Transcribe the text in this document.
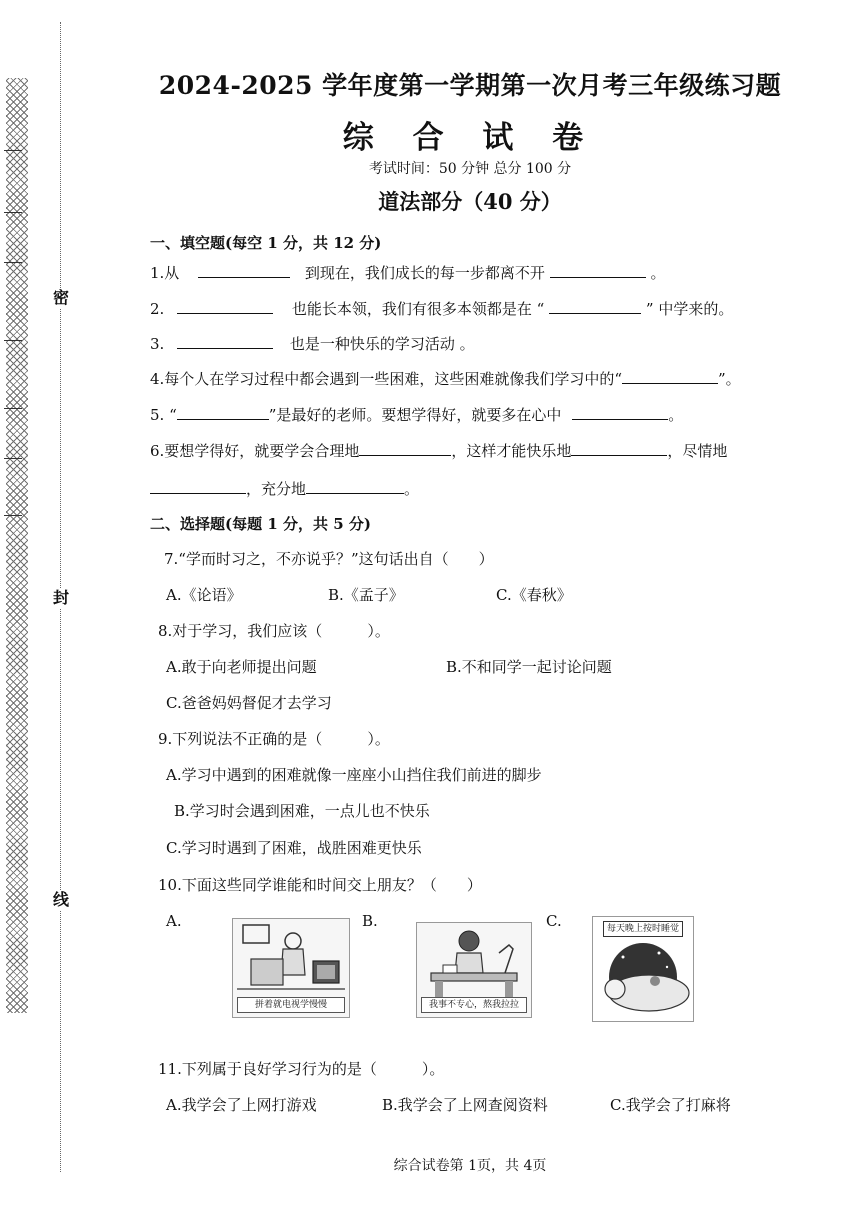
密
封
线
2024-2025 学年度第一学期第一次月考三年级练习题
综 合 试 卷
考试时间：50 分钟 总分 100 分
道法部分（40 分）
一、填空题(每空 1 分，共 12 分)
1.从	到现在，我们成长的每一步都离不开	。
2.	也能长本领，我们有很多本领都是在 “	” 中学来的。
3.	也是一种快乐的学习活动 。
4.每个人在学习过程中都会遇到一些困难，这些困难就像我们学习中的“	”。
5. “	”是最好的老师。要想学得好，就要多在心中	。
6.要想学得好，就要学会合理地	，这样才能快乐地	，尽情地
，充分地	。
二、选择题(每题 1 分，共 5 分)
7.“学而时习之，不亦说乎？”这句话出自（　　）
A.《论语》	B.《孟子》	C.《春秋》
8.对于学习，我们应该（　　　）。
A.敢于向老师提出问题	B.不和同学一起讨论问题
C.爸爸妈妈督促才去学习
9.下列说法不正确的是（　　　）。
A.学习中遇到的困难就像一座座小山挡住我们前进的脚步
B.学习时会遇到困难，一点儿也不快乐
C.学习时遇到了困难，战胜困难更快乐
10.下面这些同学谁能和时间交上朋友？（　　）
A.	B.	C.
拼着就电视学慢慢	我事不专心，熬我拉拉
每天晚上按时睡觉
11.下列属于良好学习行为的是（　　　）。
A.我学会了上网打游戏	B.我学会了上网查阅资料	C.我学会了打麻将
综合试卷第 1页，共 4页
